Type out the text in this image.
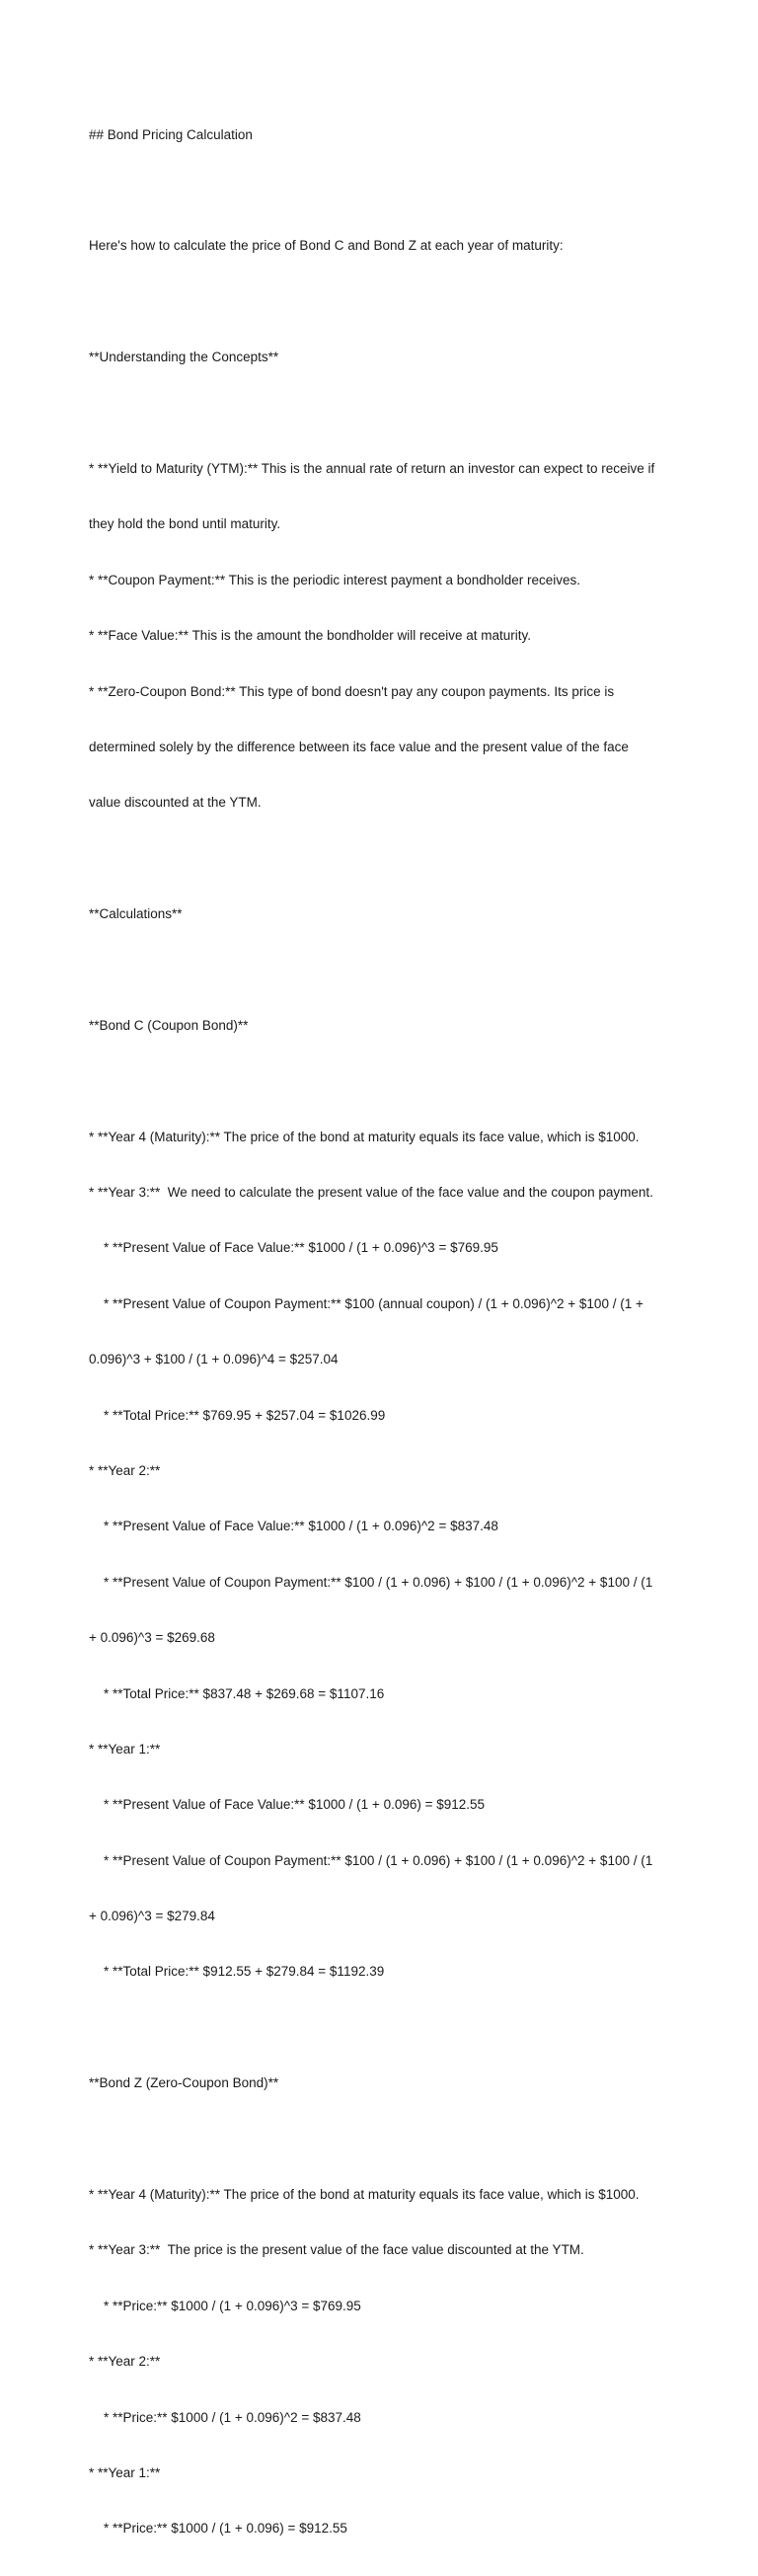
## Bond Pricing Calculation

Here's how to calculate the price of Bond C and Bond Z at each year of maturity:

**Understanding the Concepts**

* **Yield to Maturity (YTM):** This is the annual rate of return an investor can expect to receive if

they hold the bond until maturity.

* **Coupon Payment:** This is the periodic interest payment a bondholder receives.

* **Face Value:** This is the amount the bondholder will receive at maturity.

* **Zero-Coupon Bond:** This type of bond doesn't pay any coupon payments. Its price is

determined solely by the difference between its face value and the present value of the face

value discounted at the YTM.

**Calculations**

**Bond C (Coupon Bond)**

* **Year 4 (Maturity):** The price of the bond at maturity equals its face value, which is $1000.

* **Year 3:**  We need to calculate the present value of the face value and the coupon payment.

* **Present Value of Face Value:** $1000 / (1 + 0.096)^3 = $769.95

* **Present Value of Coupon Payment:** $100 (annual coupon) / (1 + 0.096)^2 + $100 / (1 +

0.096)^3 + $100 / (1 + 0.096)^4 = $257.04

* **Total Price:** $769.95 + $257.04 = $1026.99

* **Year 2:**

* **Present Value of Face Value:** $1000 / (1 + 0.096)^2 = $837.48

* **Present Value of Coupon Payment:** $100 / (1 + 0.096) + $100 / (1 + 0.096)^2 + $100 / (1

+ 0.096)^3 = $269.68

* **Total Price:** $837.48 + $269.68 = $1107.16

* **Year 1:**

* **Present Value of Face Value:** $1000 / (1 + 0.096) = $912.55

* **Present Value of Coupon Payment:** $100 / (1 + 0.096) + $100 / (1 + 0.096)^2 + $100 / (1

+ 0.096)^3 = $279.84

* **Total Price:** $912.55 + $279.84 = $1192.39

**Bond Z (Zero-Coupon Bond)**

* **Year 4 (Maturity):** The price of the bond at maturity equals its face value, which is $1000.

* **Year 3:**  The price is the present value of the face value discounted at the YTM.

* **Price:** $1000 / (1 + 0.096)^3 = $769.95

* **Year 2:**

* **Price:** $1000 / (1 + 0.096)^2 = $837.48

* **Year 1:**

* **Price:** $1000 / (1 + 0.096) = $912.55
